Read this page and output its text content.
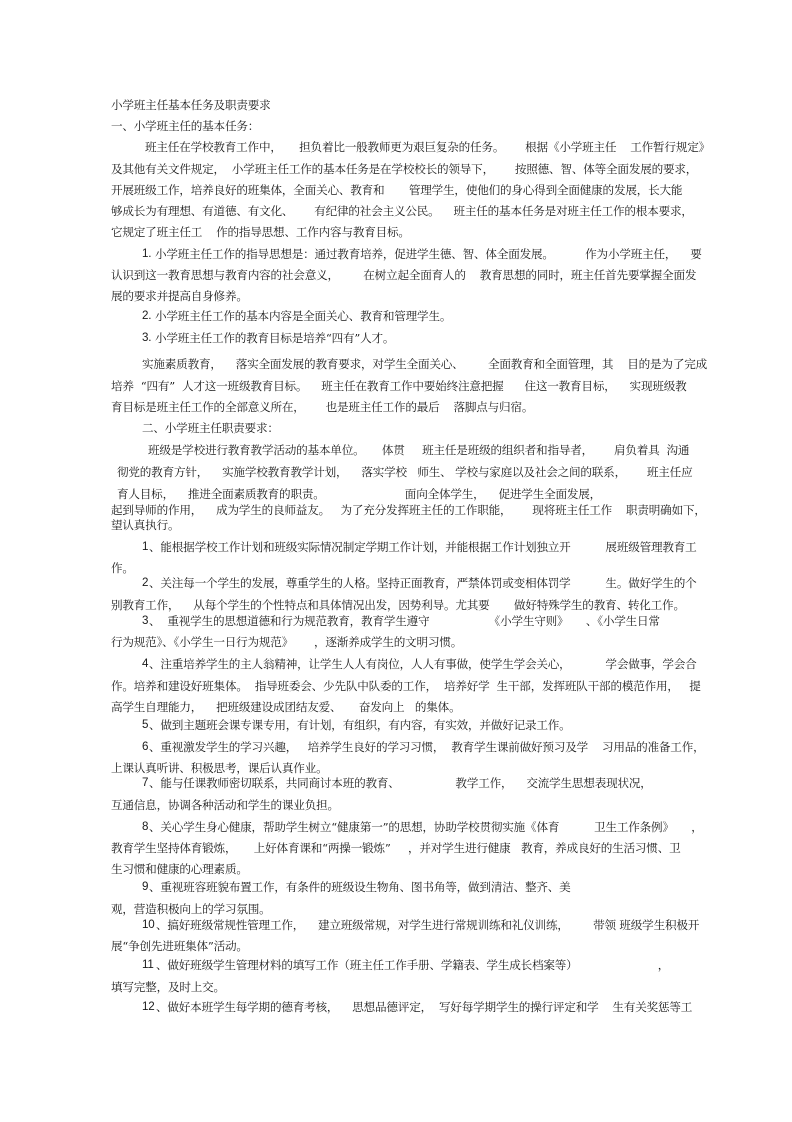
小学班主任基本任务及职责要求
一、小学班主任的基本任务：
班主任在学校教育工作中，     担负着比一般教师更为艰巨复杂的任务。      根据《小学班主任    工作暂行规定》
及其他有关文件规定，  小学班主任工作的基本任务是在学校校长的领导下，      按照德、智、体等全面发展的要求，
开展班级工作，培养良好的班集体，全面关心、教育和       管理学生，使他们的身心得到全面健康的发展，长大能
够成长为有理想、有道德、有文化、      有纪律的社会主义公民。    班主任的基本任务是对班主任工作的根本要求，
它规定了班主任工    作的指导思想、工作内容与教育目标。
1. 小学班主任工作的指导思想是：通过教育培养，促进学生德、智、体全面发展。         作为小学班主任，    要
认识到这一教育思想与教育内容的社会意义，       在树立起全面育人的    教育思想的同时，班主任首先要掌握全面发
展的要求并提高自身修养。
2. 小学班主任工作的基本内容是全面关心、教育和管理学生。
3. 小学班主任工作的教育目标是培养“四有”人才。
实施素质教育，    落实全面发展的教育要求，对学生全面关心、       全面教育和全面管理，其    目的是为了完成
培养  “四有”  人才这一班级教育目标。    班主任在教育工作中要始终注意把握      住这一教育目标，    实现班级教
育目标是班主任工作的全部意义所在，      也是班主任工作的最后    落脚点与归宿。
二、小学班主任职责要求：
班级是学校进行教育教学活动的基本单位。     体贯     班主任是班级的组织者和指导者，      肩负着具  沟通
彻党的教育方针，    实施学校教育教学计划，    落实学校   师生、 学校与家庭以及社会之间的联系，      班主任应
育人目标，    推进全面素质教育的职责。                       面向全体学生，    促进学生全面发展，
起到导师的作用，    成为学生的良师益友。   为了充分发挥班主任的工作职能，      现将班主任工作    职责明确如下，
望认真执行。
1 、能根据学校工作计划和班级实际情况制定学期工作计划，并能根据工作计划独立开          展班级管理教育工
作。
2 、关注每一个学生的发展，尊重学生的人格。坚持正面教育，严禁体罚或变相体罚学          生。做好学生的个
别教育工作，    从每个学生的个性特点和具体情况出发，因势利导。尤其要       做好特殊学生的教育、转化工作。
3 、  重视学生的思想道德和行为规范教育，教育学生遵守                 《小学生守则》     、《小学生日常
行为规范》、《小学生一日行为规范》      ，逐渐养成学生的文明习惯。
4 、注重培养学生的主人翁精神，让学生人人有岗位，人人有事做，使学生学会关心，          学会做事，学会合
作。培养和建设好班集体。  指导班委会、少先队中队委的工作，  培养好学  生干部，发挥班队干部的模范作用，   提
高学生自理能力，    把班级建设成团结友爱、     奋发向上   的集体。
5 、做到主题班会课专课专用，有计划，有组织，有内容，有实效，并做好记录工作。
6 、重视激发学生的学习兴趣，   培养学生良好的学习习惯，  教育学生课前做好预习及学    习用品的准备工作，
上课认真听讲、积极思考，课后认真作业。
7 、能与任课教师密切联系，共同商讨本班的教育、                教学工作，    交流学生思想表现状况，
互通信息，协调各种活动和学生的课业负担。
8 、关心学生身心健康，帮助学生树立“健康第一”的思想，协助学校贯彻实施《体育          卫生工作条例》     ，
教育学生坚持体育锻炼，     上好体育课和“两操一锻炼”     ，并对学生进行健康   教育，养成良好的生活习惯、卫
生习惯和健康的心理素质。
9 、重视班容班貌布置工作，有条件的班级设生物角、图书角等，做到清洁、整齐、美
观，营造积极向上的学习氛围。
10 、搞好班级常规性管理工作，    建立班级常规，对学生进行常规训练和礼仪训练，       带领 班级学生积极开
展“争创先进班集体”活动。
11 、做好班级学生管理材料的填写工作（班主任工作手册、学籍表、学生成长档案等）                       ，
填写完整，及时上交。
12 、做好本班学生每学期的德育考核，    思想品德评定，  写好每学期学生的操行评定和学    生有关奖惩等工
